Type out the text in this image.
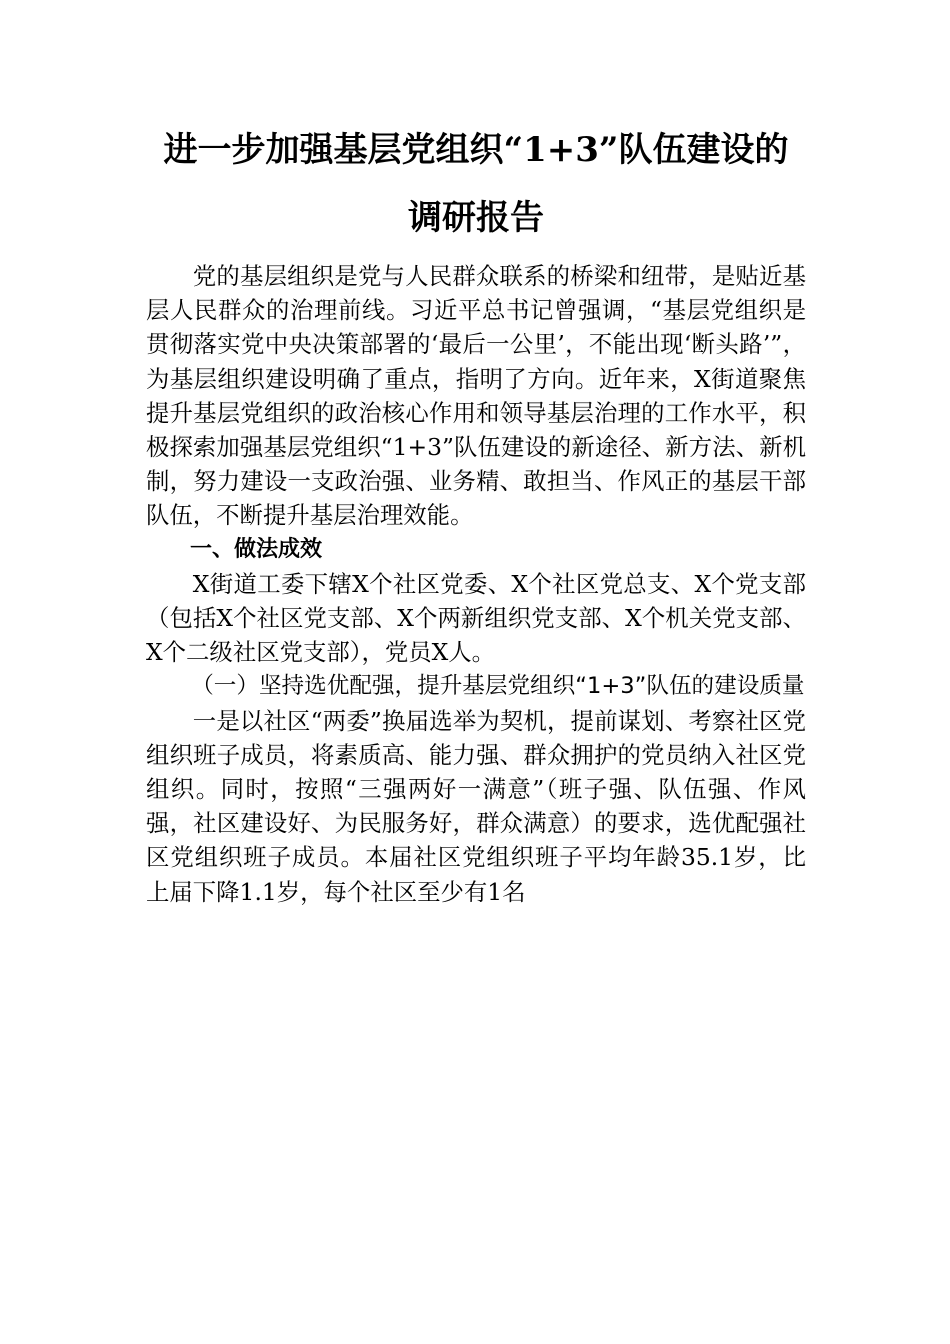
进一步加强基层党组织“1+3”队伍建设的
调研报告

党的基层组织是党与人民群众联系的桥梁和纽带，是贴近基层人民群众的治理前线。习近平总书记曾强调，“基层党组织是贯彻落实党中央决策部署的‘最后一公里’，不能出现‘断头路’”，为基层组织建设明确了重点，指明了方向。近年来，X街道聚焦提升基层党组织的政治核心作用和领导基层治理的工作水平，积极探索加强基层党组织“1+3”队伍建设的新途径、新方法、新机制，努力建设一支政治强、业务精、敢担当、作风正的基层干部队伍，不断提升基层治理效能。

一、做法成效

X街道工委下辖X个社区党委、X个社区党总支、X个党支部（包括X个社区党支部、X个两新组织党支部、X个机关党支部、X个二级社区党支部），党员X人。

（一）坚持选优配强，提升基层党组织“1+3”队伍的建设质量

一是以社区“两委”换届选举为契机，提前谋划、考察社区党组织班子成员，将素质高、能力强、群众拥护的党员纳入社区党组织。同时，按照“三强两好一满意”（班子强、队伍强、作风强，社区建设好、为民服务好，群众满意）的要求，选优配强社区党组织班子成员。本届社区党组织班子平均年龄35.1岁，比上届下降1.1岁，每个社区至少有1名
